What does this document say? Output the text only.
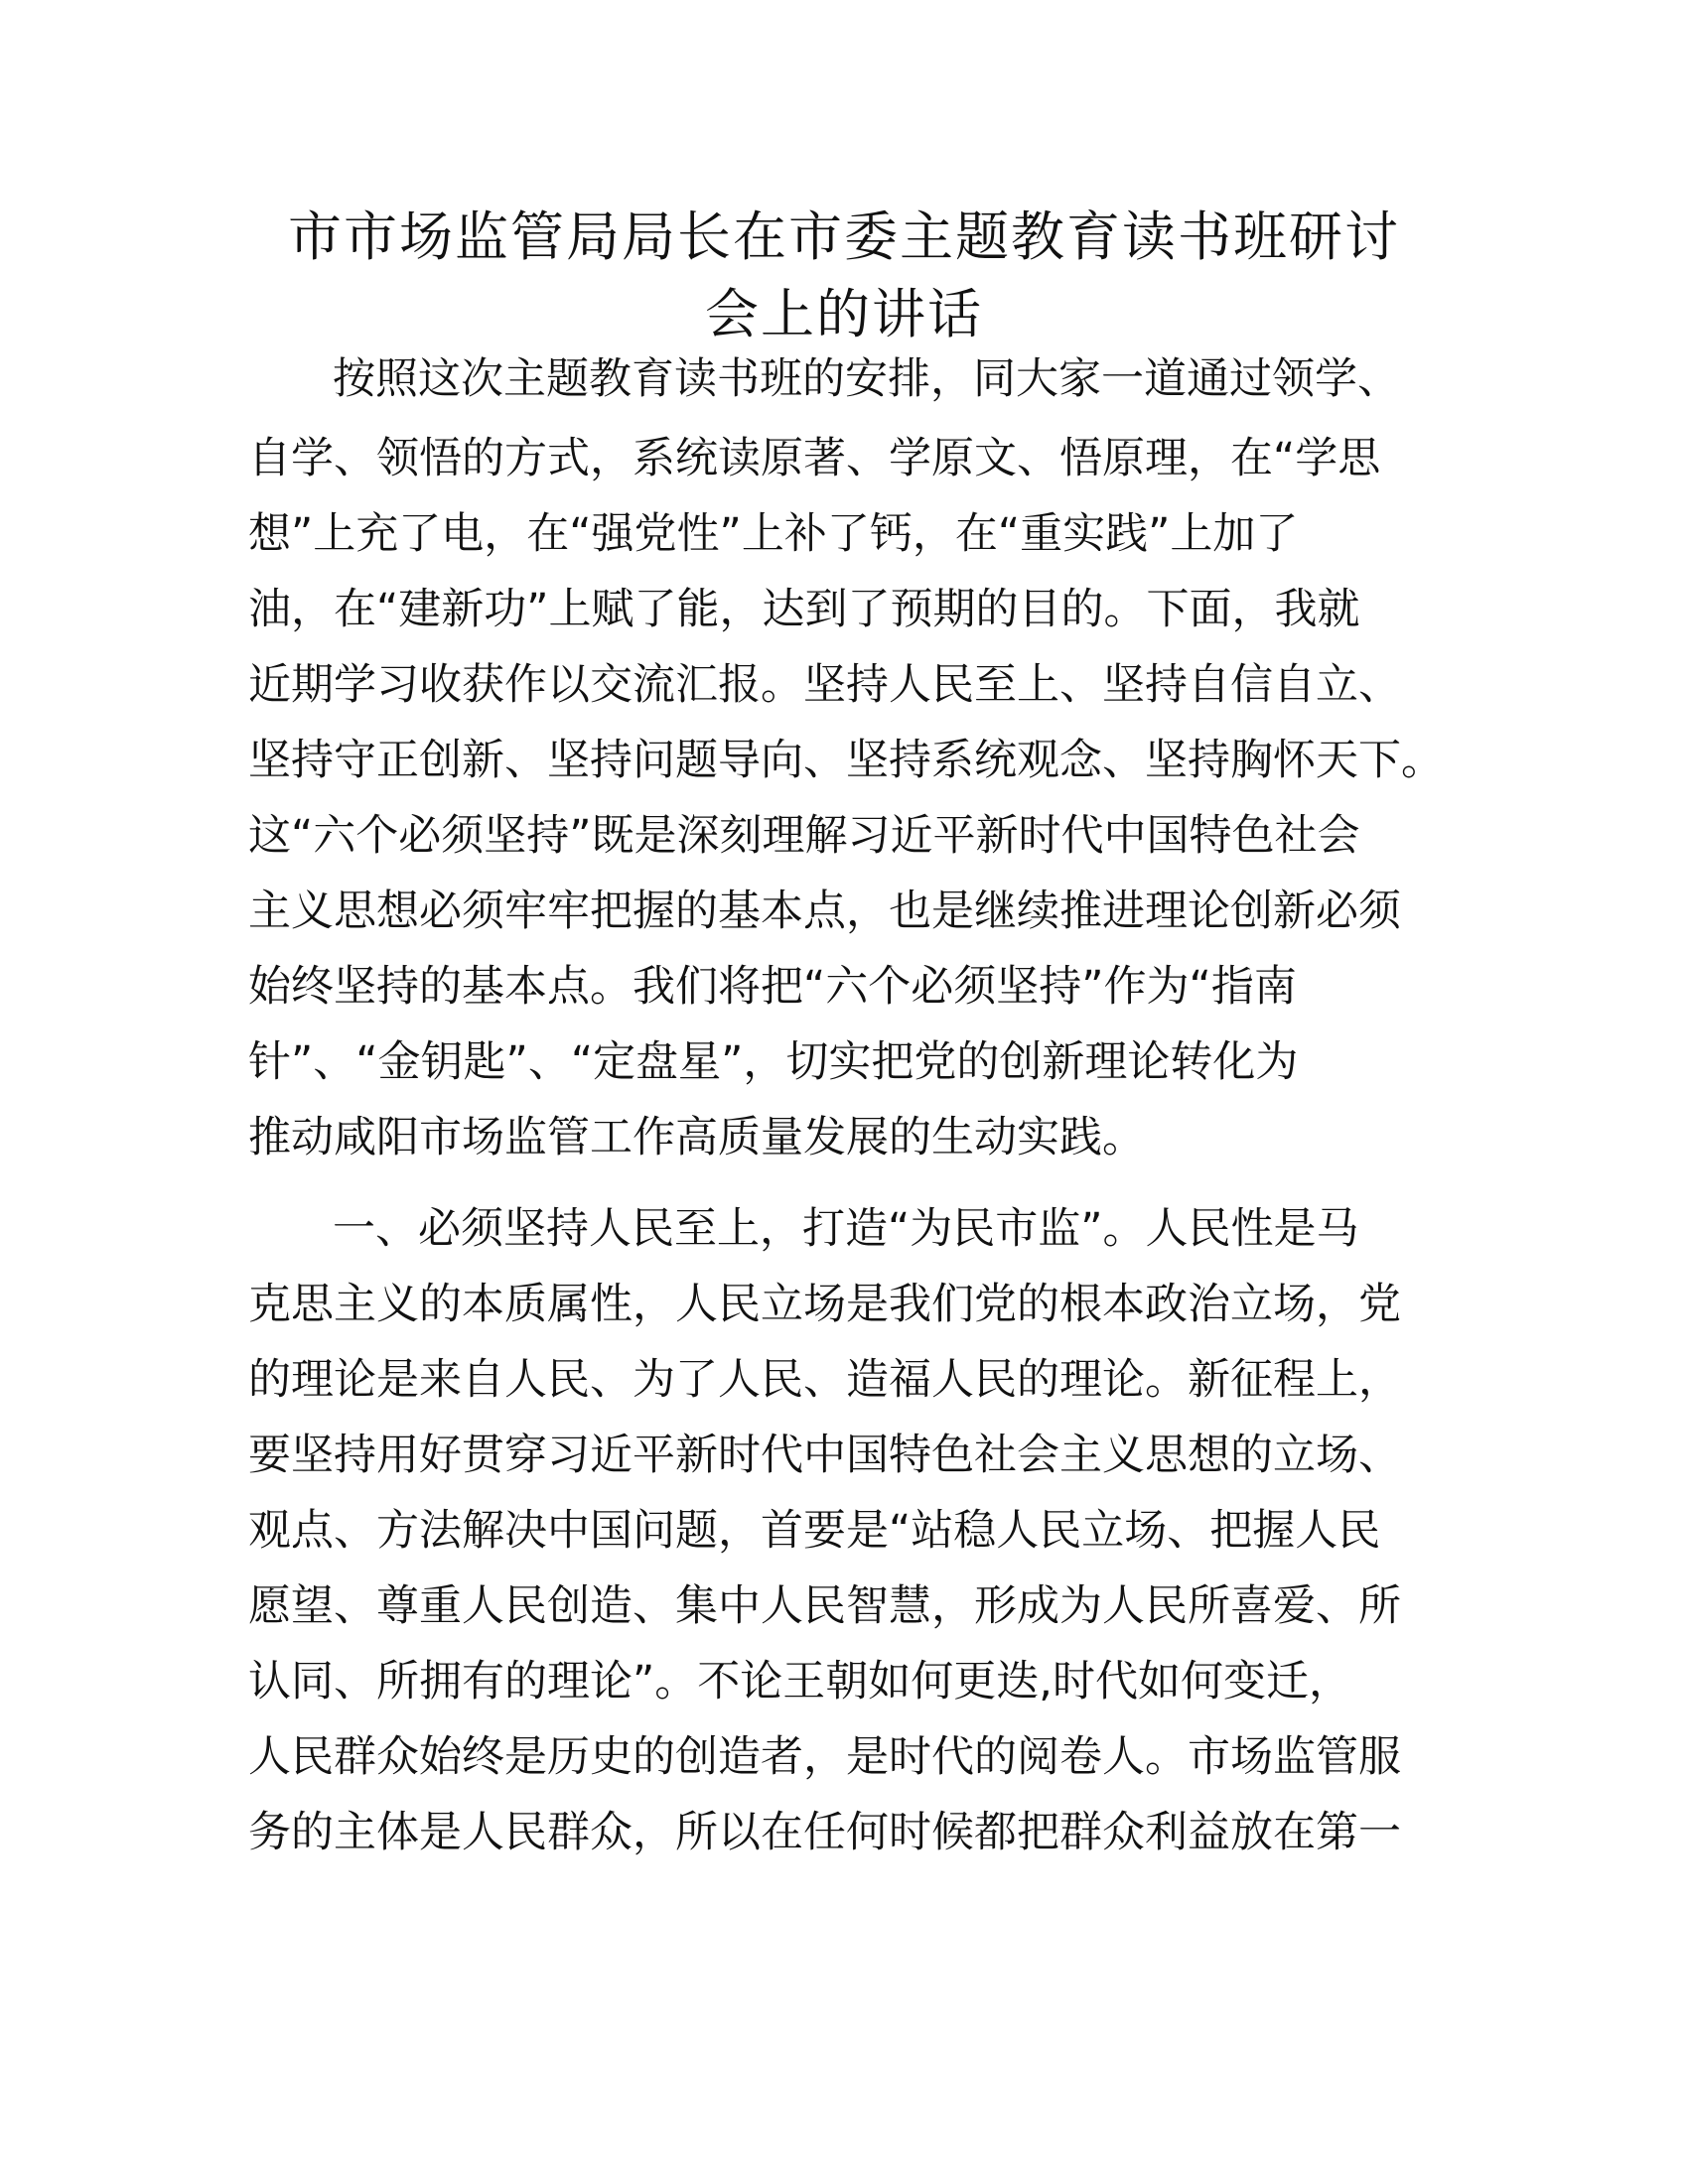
市市场监管局局长在市委主题教育读书班研讨
会上的讲话
按照这次主题教育读书班的安排，同大家一道通过领学、
自学、领悟的方式，系统读原著、学原文、悟原理，在“学思
想”上充了电，在“强党性”上补了钙，在“重实践”上加了
油，在“建新功”上赋了能，达到了预期的目的。下面，我就
近期学习收获作以交流汇报。坚持人民至上、坚持自信自立、
坚持守正创新、坚持问题导向、坚持系统观念、坚持胸怀天下。
这“六个必须坚持”既是深刻理解习近平新时代中国特色社会
主义思想必须牢牢把握的基本点，也是继续推进理论创新必须
始终坚持的基本点。我们将把“六个必须坚持”作为“指南
针”、“金钥匙”、“定盘星”，切实把党的创新理论转化为
推动咸阳市场监管工作高质量发展的生动实践。
一、必须坚持人民至上，打造“为民市监”。人民性是马
克思主义的本质属性，人民立场是我们党的根本政治立场，党
的理论是来自人民、为了人民、造福人民的理论。新征程上，
要坚持用好贯穿习近平新时代中国特色社会主义思想的立场、
观点、方法解决中国问题，首要是“站稳人民立场、把握人民
愿望、尊重人民创造、集中人民智慧，形成为人民所喜爱、所
认同、所拥有的理论”。不论王朝如何更迭,时代如何变迁，
人民群众始终是历史的创造者，是时代的阅卷人。市场监管服
务的主体是人民群众，所以在任何时候都把群众利益放在第一
